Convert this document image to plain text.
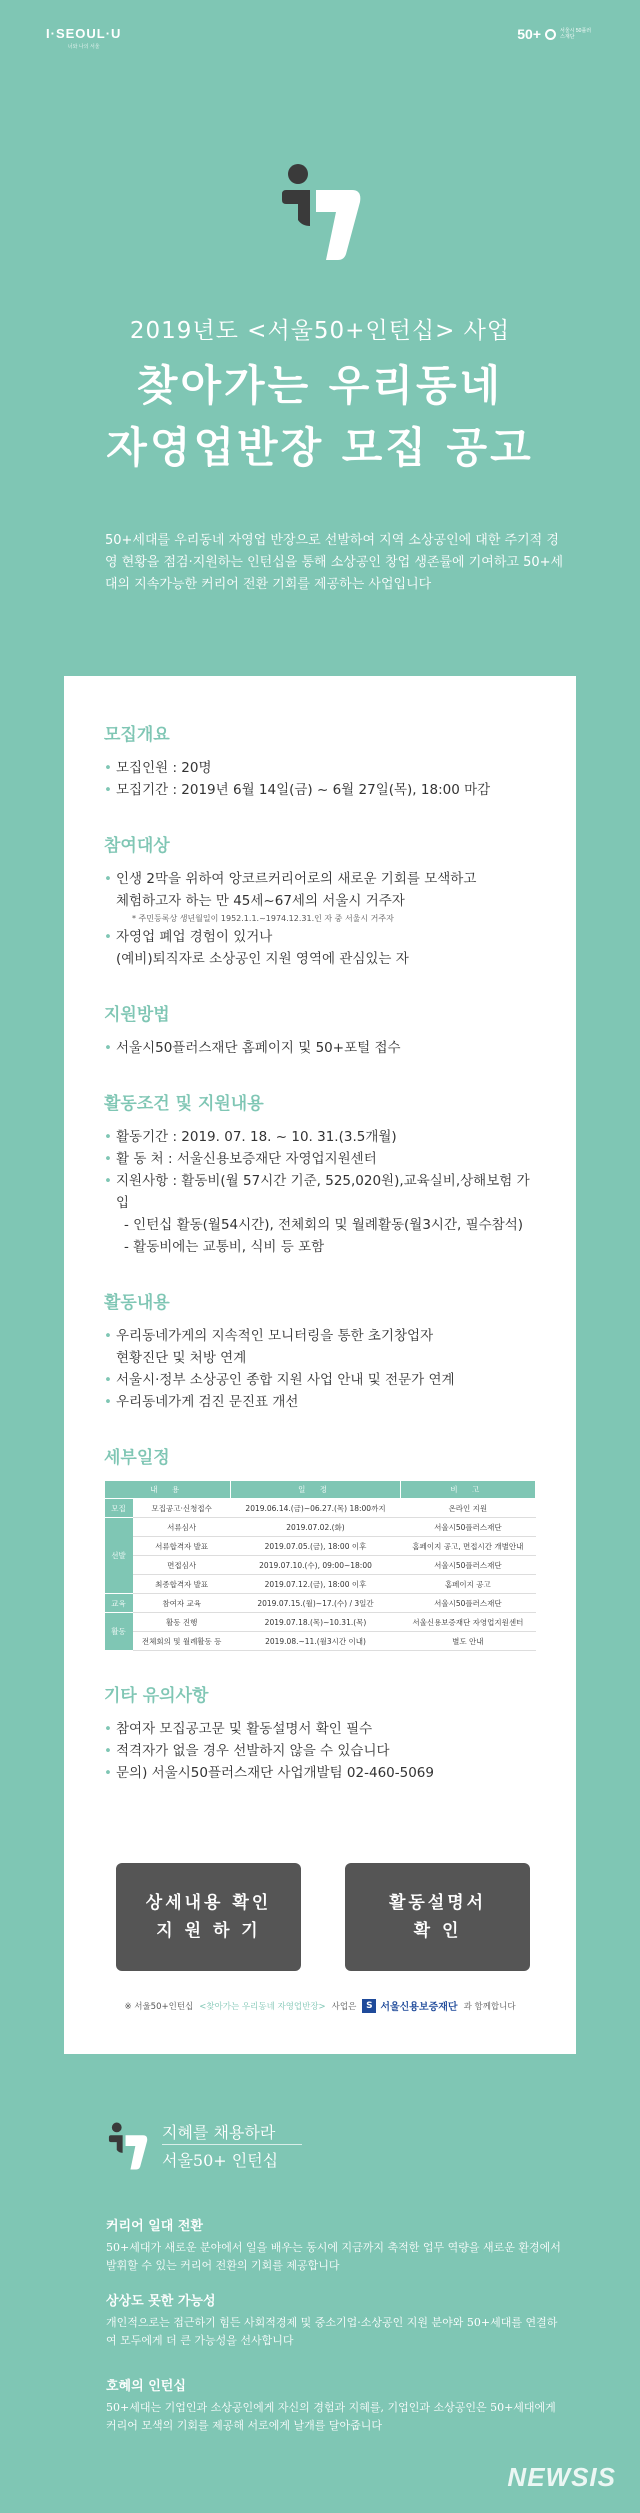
I·SEOUL·U
너와 나의 서울
50+ ○ 서울시 50플러스재단
2019년도 <서울50+인턴십> 사업
찾아가는 우리동네
자영업반장 모집 공고
50+세대를 우리동네 자영업 반장으로 선발하여 지역 소상공인에 대한 주기적 경영 현황을 점검·지원하는 인턴십을 통해 소상공인 창업 생존률에 기여하고 50+세대의 지속가능한 커리어 전환 기회를 제공하는 사업입니다
모집개요
• 모집인원 : 20명
• 모집기간 : 2019년 6월 14일(금) ~ 6월 27일(목), 18:00 마감
참여대상
• 인생 2막을 위하여 앙코르커리어로의 새로운 기회를 모색하고
체험하고자 하는 만 45세~67세의 서울시 거주자
* 주민등록상 생년월일이 1952.1.1.~1974.12.31.인 자 중 서울시 거주자
• 자영업 폐업 경험이 있거나
(예비)퇴직자로 소상공인 지원 영역에 관심있는 자
지원방법
• 서울시50플러스재단 홈페이지 및 50+포털 접수
활동조건 및 지원내용
• 활동기간 : 2019. 07. 18. ~ 10. 31.(3.5개월)
• 활 동 처 : 서울신용보증재단 자영업지원센터
• 지원사항 : 활동비(월 57시간 기준, 525,020원),교육실비,상해보험 가입
- 인턴십 활동(월54시간), 전체회의 및 월례활동(월3시간, 필수참석)
- 활동비에는 교통비, 식비 등 포함
활동내용
• 우리동네가게의 지속적인 모니터링을 통한 초기창업자
현황진단 및 처방 연계
• 서울시·정부 소상공인 종합 지원 사업 안내 및 전문가 연계
• 우리동네가게 검진 문진표 개선
세부일정
내 용		일 정	비 고
모집	모집공고·신청접수	2019.06.14.(금)~06.27.(목) 18:00까지	온라인 지원
선발	서류심사	2019.07.02.(화)	서울시50플러스재단
	서류합격자 발표	2019.07.05.(금), 18:00 이후	홈페이지 공고, 면접시간 개별안내
	면접심사	2019.07.10.(수), 09:00~18:00	서울시50플러스재단
	최종합격자 발표	2019.07.12.(금), 18:00 이후	홈페이지 공고
교육	참여자 교육	2019.07.15.(월)~17.(수) / 3일간	서울시50플러스재단
활동	활동 진행	2019.07.18.(목)~10.31.(목)	서울신용보증재단 자영업지원센터
	전체회의 및 월례활동 등	2019.08.~11.(월3시간 이내)	별도 안내
기타 유의사항
• 참여자 모집공고문 및 활동설명서 확인 필수
• 적격자가 없을 경우 선발하지 않을 수 있습니다
• 문의) 서울시50플러스재단 사업개발팀 02-460-5069
상세내용 확인
지 원 하 기
활동설명서
확 인
※ 서울50+인턴십 <찾아가는 우리동네 자영업반장> 사업은	S 서울신용보증재단 과 함께합니다
지혜를 채용하라
서울50+ 인턴십
커리어 일대 전환

50+세대가 새로운 분야에서 일을 배우는 동시에 지금까지 축적한 업무 역량을 새로운 환경에서 발휘할 수 있는 커리어 전환의 기회를 제공합니다

상상도 못한 가능성

개인적으로는 접근하기 힘든 사회적경제 및 중소기업·소상공인 지원 분야와 50+세대를 연결하여 모두에게 더 큰 가능성을 선사합니다

호혜의 인턴십

50+세대는 기업인과 소상공인에게 자신의 경험과 지혜를, 기업인과 소상공인은 50+세대에게 커리어 모색의 기회를 제공해 서로에게 날개를 달아줍니다

NEWSIS
